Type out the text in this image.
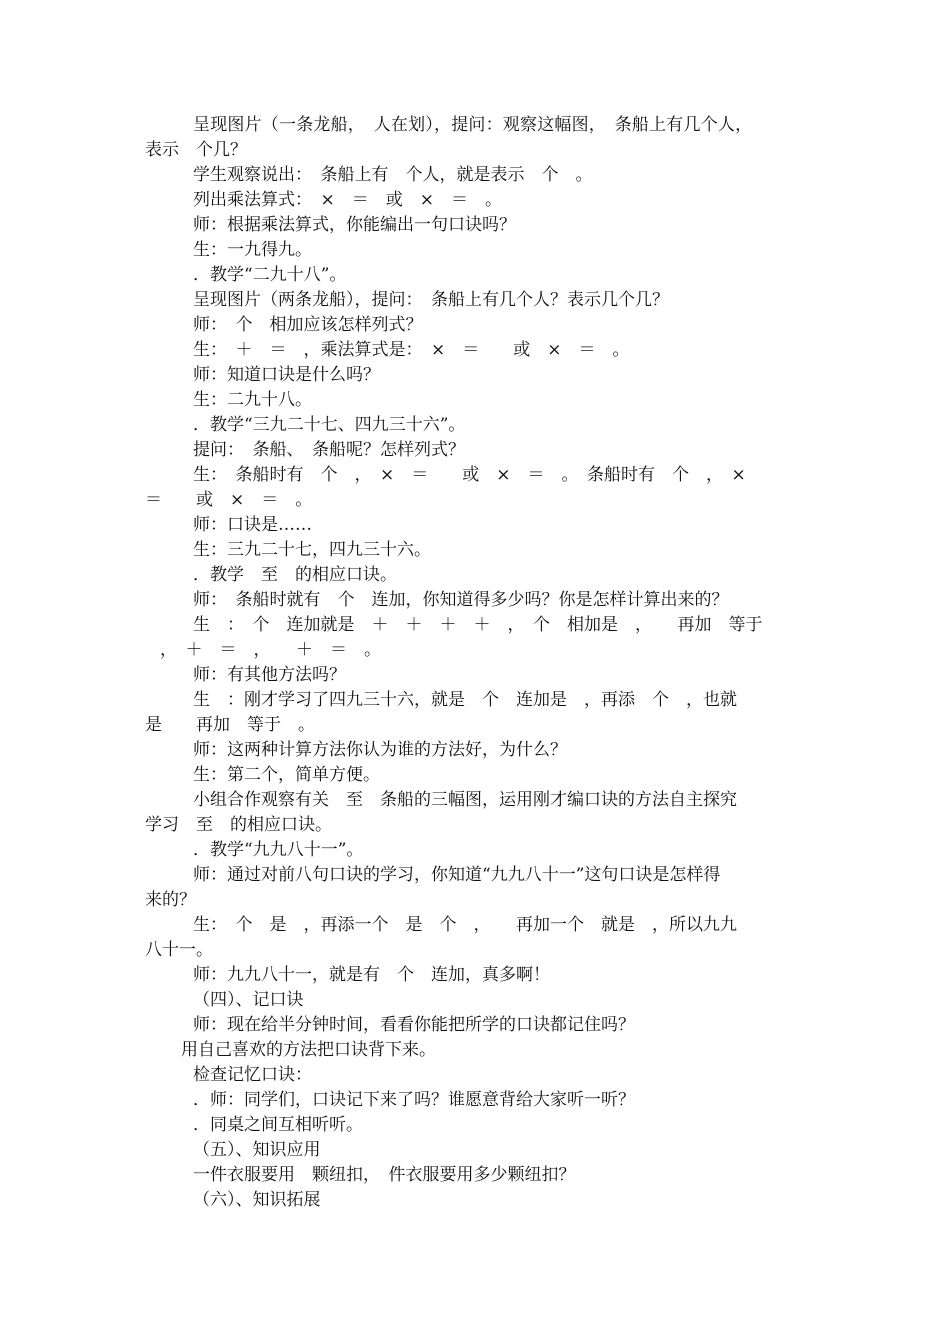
呈现图片（一条龙船，　人在划），提问：观察这幅图，　条船上有几个人，
表示　个几？
学生观察说出：　条船上有　个人，就是表示　个　。
列出乘法算式：　×　＝　或　×　＝　。
师：根据乘法算式，你能编出一句口诀吗？
生：一九得九。
．教学“二九十八”。
呈现图片（两条龙船），提问：　条船上有几个人？表示几个几？
师：　个　相加应该怎样列式？
生：　＋　＝　，乘法算式是：　×　＝　　或　×　＝　。
师：知道口诀是什么吗？
生：二九十八。
．教学“三九二十七、四九三十六”。
提问：　条船、　条船呢？怎样列式？
生：　条船时有　个　，　×　＝　　或　×　＝　。　条船时有　个　，　×
＝　　或　×　＝　。
师：口诀是……
生：三九二十七，四九三十六。
．教学　至　的相应口诀。
师：　条船时就有　个　连加，你知道得多少吗？你是怎样计算出来的？
生　：　个　连加就是　＋　＋　＋　＋　，　个　相加是　，　　再加　等于
，　＋　＝　，　　＋　＝　。
师：有其他方法吗？
生　：刚才学习了四九三十六，就是　个　连加是　，再添　个　，也就
是　　再加　等于　。
师：这两种计算方法你认为谁的方法好，为什么？
生：第二个，简单方便。
小组合作观察有关　至　条船的三幅图，运用刚才编口诀的方法自主探究
学习　至　的相应口诀。
．教学“九九八十一”。
师：通过对前八句口诀的学习，你知道“九九八十一”这句口诀是怎样得
来的？
生：　个　是　，再添一个　是　个　，　　再加一个　就是　，所以九九
八十一。
师：九九八十一，就是有　个　连加，真多啊！
（四）、记口诀
师：现在给半分钟时间，看看你能把所学的口诀都记住吗？
用自己喜欢的方法把口诀背下来。
检查记忆口诀：
．师：同学们，口诀记下来了吗？谁愿意背给大家听一听？
．同桌之间互相听听。
（五）、知识应用
一件衣服要用　颗纽扣，　件衣服要用多少颗纽扣？
（六）、知识拓展
